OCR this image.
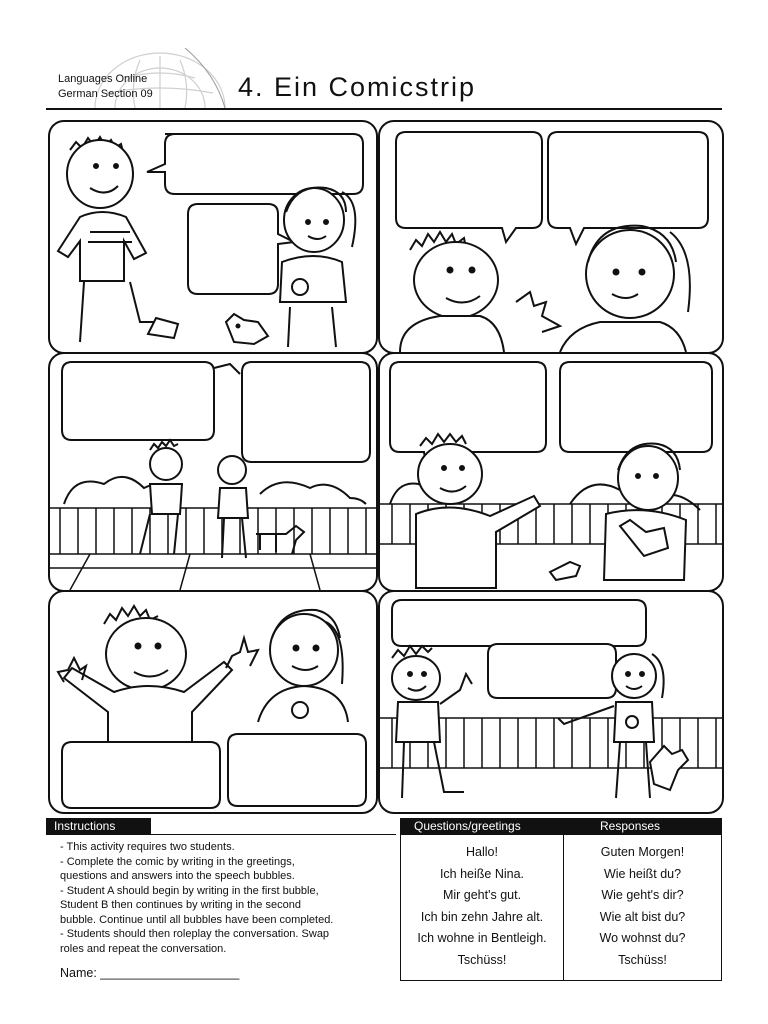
Languages Online
German Section 09	4. Ein Comicstrip
Instructions
- This activity requires two students.
- Complete the comic by writing in the greetings,
questions and answers into the speech bubbles.
- Student A should begin by writing in the first bubble,
Student B then continues by writing in the second
bubble. Continue until all bubbles have been completed.
- Students should then roleplay the conversation. Swap
roles and repeat the conversation.
Name: ____________________
Questions/greetings	Responses
Hallo!
Ich heiße Nina.
Mir geht's gut.
Ich bin zehn Jahre alt.
Ich wohne in Bentleigh.
Tschüss!
Guten Morgen!
Wie heißt du?
Wie geht's dir?
Wie alt bist du?
Wo wohnst du?
Tschüss!
